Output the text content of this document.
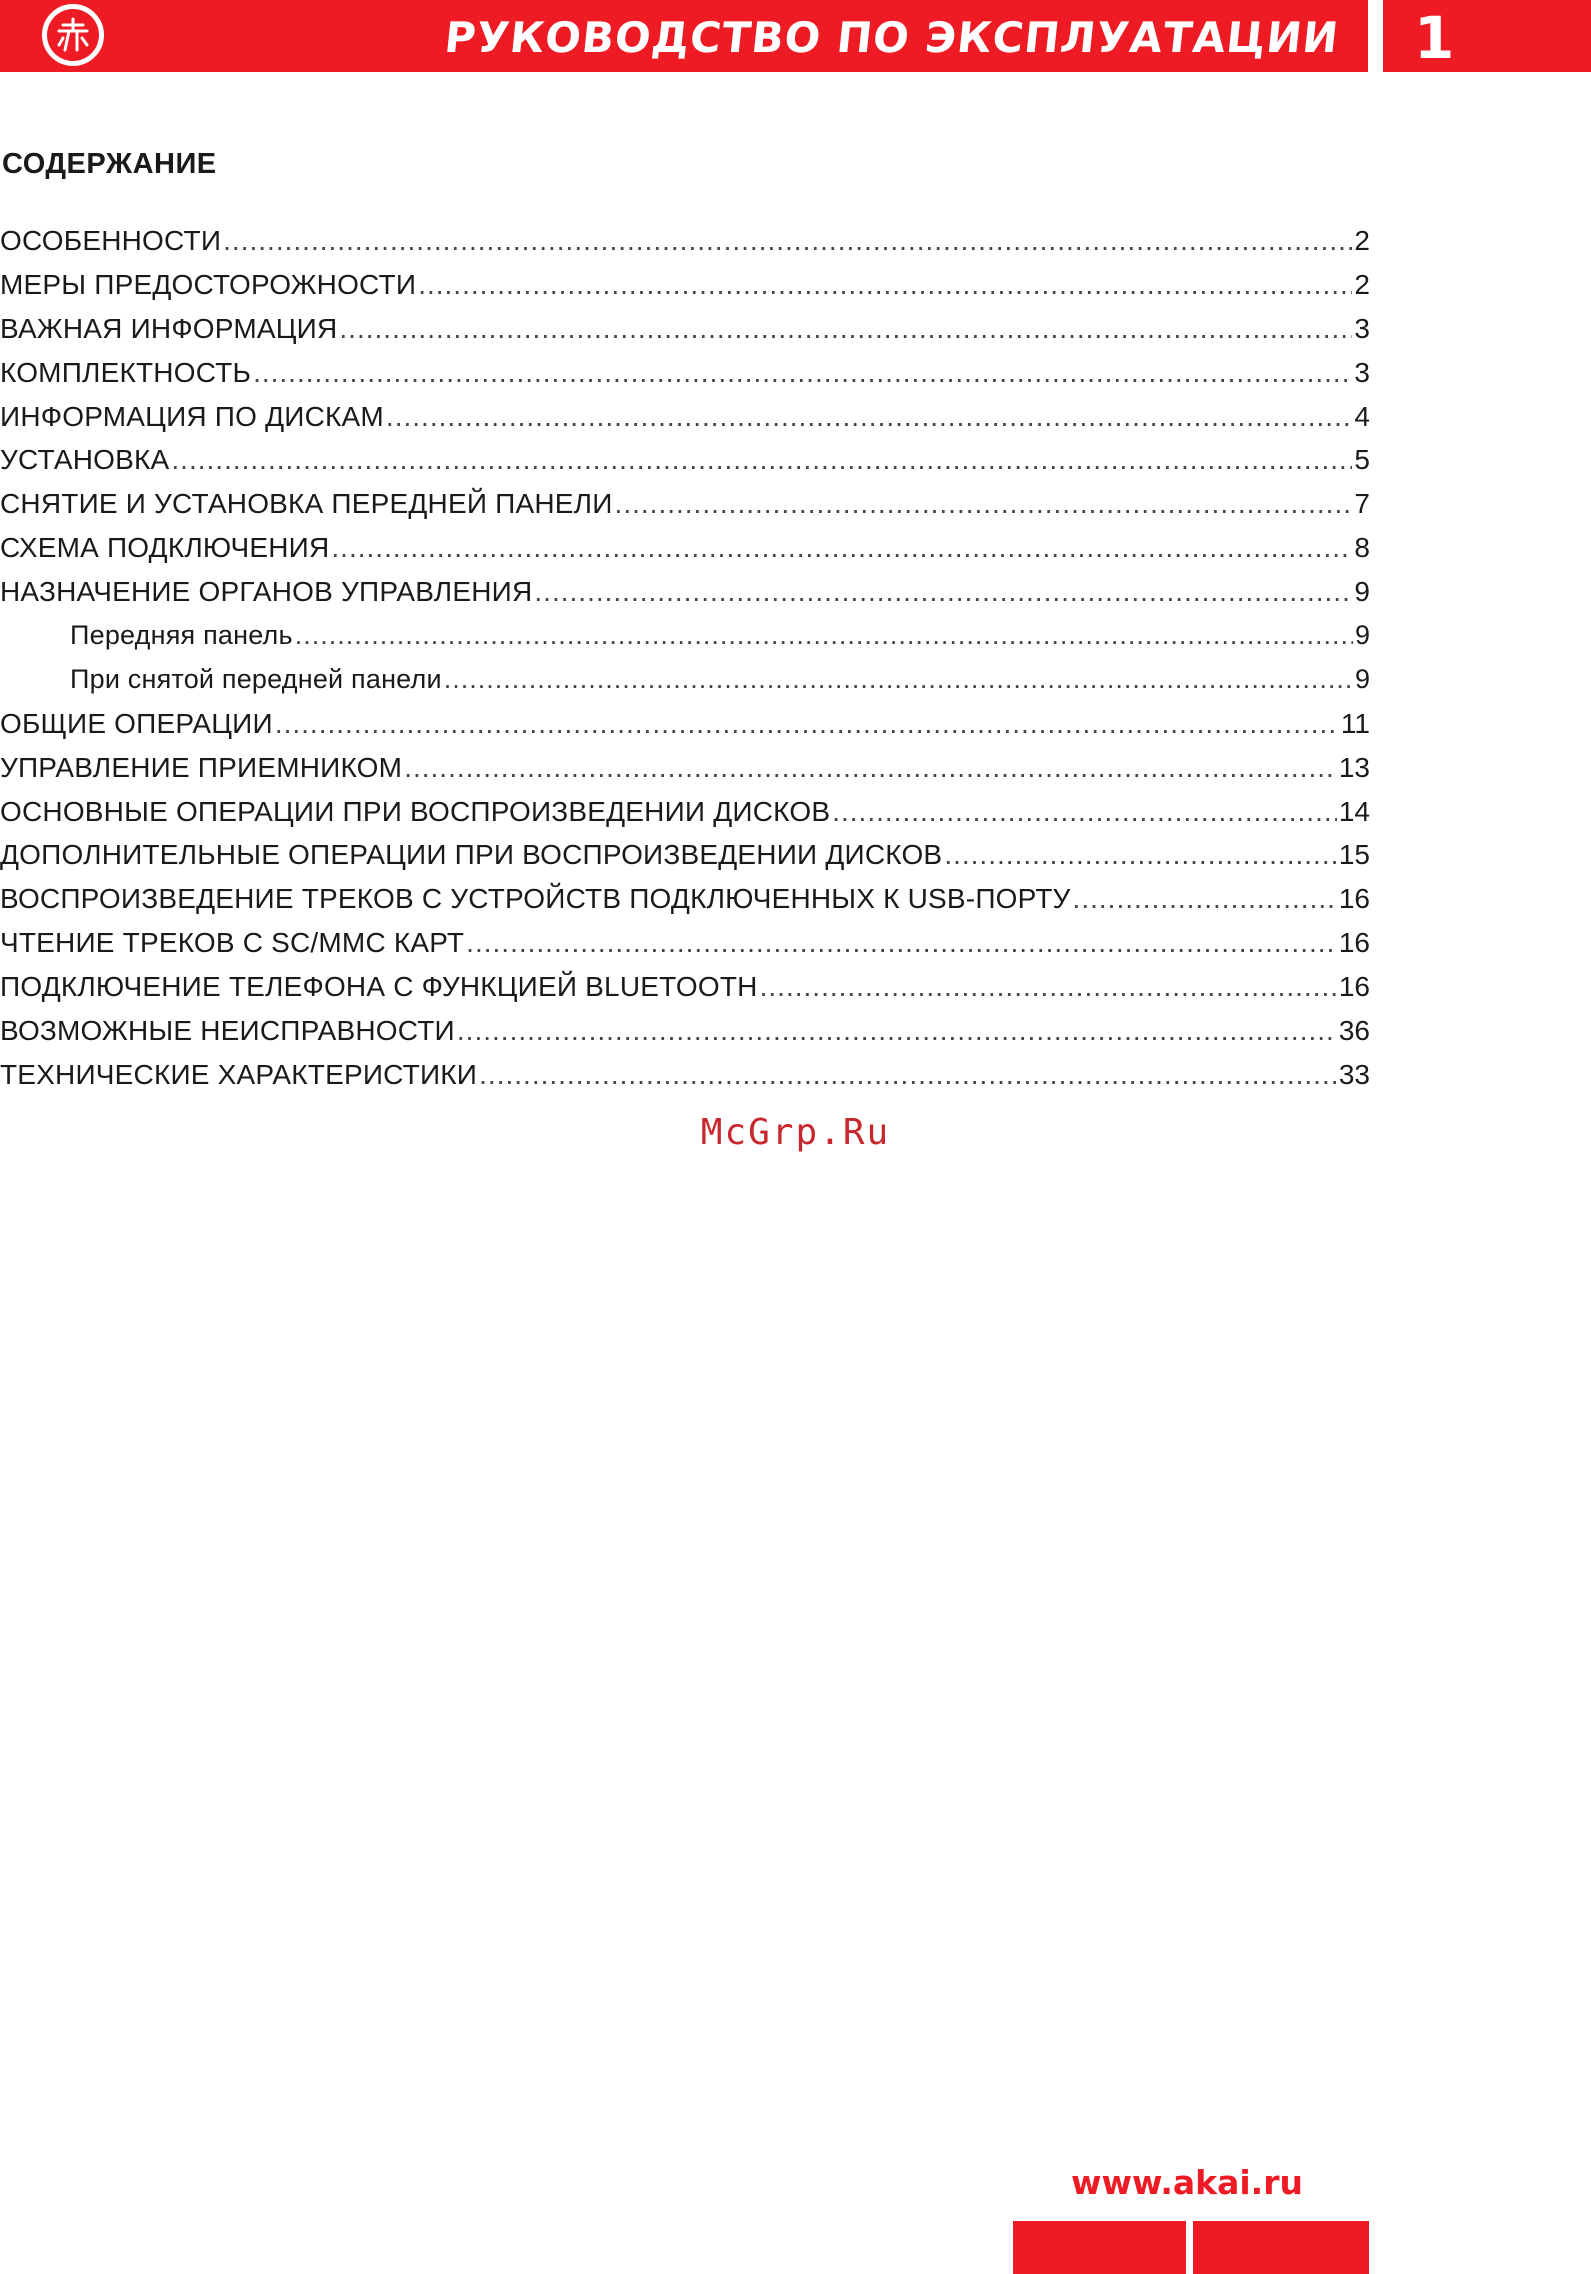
РУКОВОДСТВО ПО ЭКСПЛУАТАЦИИ 1
СОДЕРЖАНИЕ
ОСОБЕННОСТИ .....	2
МЕРЫ ПРЕДОСТОРОЖНОСТИ .....	2
ВАЖНАЯ ИНФОРМАЦИЯ .....	3
КОМПЛЕКТНОСТЬ .....	3
ИНФОРМАЦИЯ ПО ДИСКАМ .....	4
УСТАНОВКА .....	5
СНЯТИЕ И УСТАНОВКА ПЕРЕДНЕЙ ПАНЕЛИ .....	7
СХЕМА ПОДКЛЮЧЕНИЯ .....	8
НАЗНАЧЕНИЕ ОРГАНОВ УПРАВЛЕНИЯ .....	9
Передняя панель .....	9
При снятой передней панели .....	9
ОБЩИЕ ОПЕРАЦИИ .....	11
УПРАВЛЕНИЕ ПРИЕМНИКОМ .....	13
ОСНОВНЫЕ ОПЕРАЦИИ ПРИ ВОСПРОИЗВЕДЕНИИ ДИСКОВ .....	14
ДОПОЛНИТЕЛЬНЫЕ ОПЕРАЦИИ ПРИ ВОСПРОИЗВЕДЕНИИ ДИСКОВ .....	15
ВОСПРОИЗВЕДЕНИЕ ТРЕКОВ С УСТРОЙСТВ ПОДКЛЮЧЕННЫХ К USB-ПОРТУ .....	16
ЧТЕНИЕ ТРЕКОВ С SC/MMC КАРТ .....	16
ПОДКЛЮЧЕНИЕ ТЕЛЕФОНА С ФУНКЦИЕЙ BLUETOOTH .....	16
ВОЗМОЖНЫЕ НЕИСПРАВНОСТИ .....	36
ТЕХНИЧЕСКИЕ ХАРАКТЕРИСТИКИ .....	33
McGrp.Ru
www.akai.ru
